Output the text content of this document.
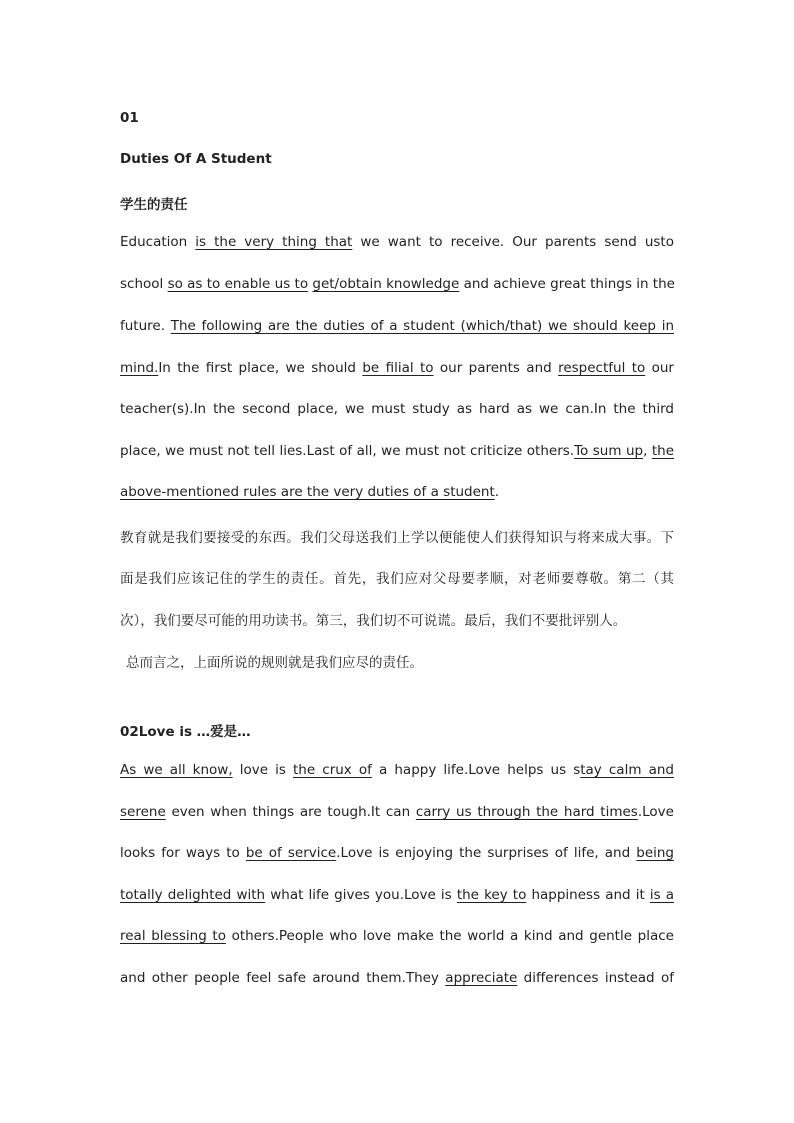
01
Duties Of A Student
学生的责任
Education is the very thing that we want to receive. Our parents send usto
school so as to enable us to get/obtain knowledge and achieve great things in the
future. The following are the duties of a student (which/that) we should keep in
mind.In the first place, we should be filial to our parents and respectful to our
teacher(s).In the second place, we must study as hard as we can.In the third
place, we must not tell lies.Last of all, we must not criticize others.To sum up, the
above-mentioned rules are the very duties of a student.
教育就是我们要接受的东西。我们父母送我们上学以便能使人们获得知识与将来成大事。下
面是我们应该记住的学生的责任。首先，我们应对父母要孝顺，对老师要尊敬。第二（其
次），我们要尽可能的用功读书。第三，我们切不可说谎。最后，我们不要批评别人。
总而言之，上面所说的规则就是我们应尽的责任。
02Love is …爱是…
As we all know, love is the crux of a happy life.Love helps us stay calm and
serene even when things are tough.It can carry us through the hard times.Love
looks for ways to be of service.Love is enjoying the surprises of life, and being
totally delighted with what life gives you.Love is the key to happiness and it is a
real blessing to others.People who love make the world a kind and gentle place
and other people feel safe around them.They appreciate differences instead of
